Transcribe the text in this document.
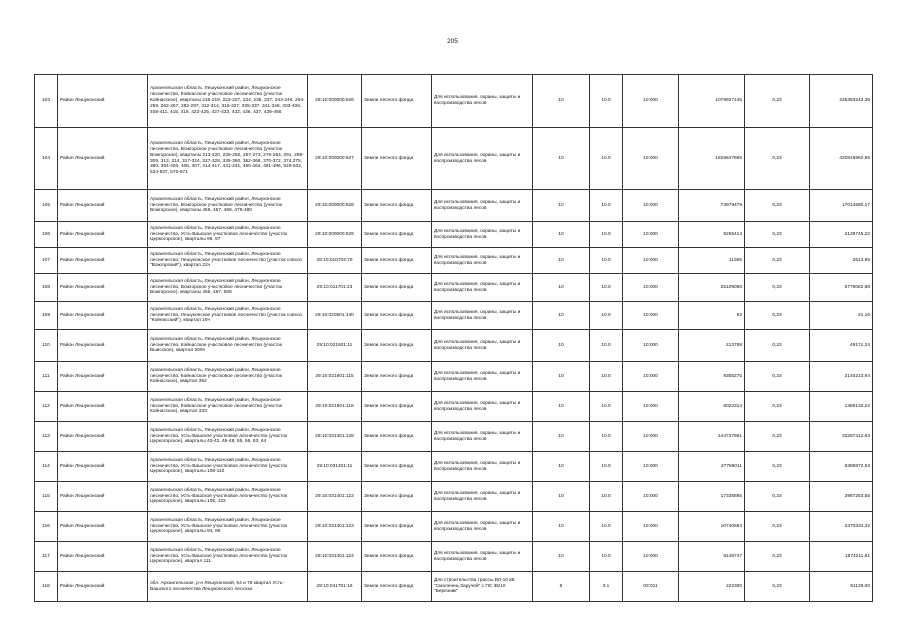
205
103	Район Лешуконский	Архангельская область, Лешуконский район, Лешуконское лесничество, Койнасское участковое лесничество (участок Койнасское), кварталы 215-218, 223-227, 234, 235, 237, 243-246, 254-259, 262-267, 282-297, 312-314, 316-327, 335-337, 341-346, 403-406, 408-411, 415, 416, 422-425, 427-433, 432, 436, 437, 439-466	29:10:000000:626	Земли лесного фонда	Для использования, охраны, защиты и воспроизводства лесов	10	10.0	10:000	1079927145	0,23	248383243,35
104	Район Лешуконский	Архангельская область, Лешуконский район, Лешуконское лесничество, Вожгорское участковое лесничество (участок Вожгорское), кварталы 213-220, 235-250, 257-273, 275-284, 291, 298-309, 313, 314, 317-324, 327-328, 335-360, 362-366, 370-372, 374,375, 380, 384-400, 406, 407, 414-417, 431-441, 460-464, 481-486, 529-532, 534-537, 570-571	29:10:000000:627	Земли лесного фонда	Для использования, охраны, защиты и воспроизводства лесов	10	10.0	10:000	1829647865	0,23	420818962,95
105	Район Лешуконский	Архангельская область, Лешуконский район, Лешуконское лесничество, Вожгорское участковое лесничество (участок Вожгорское), кварталы 456, 457, 469, 478-480	29:10:000000:628	Земли лесного фонда	Для использования, охраны, защиты и воспроизводства лесов	10	10.0	10:000	73979479	0,23	17014580,17
106	Район Лешуконский	Архангельская область, Лешуконский район, Лешуконское лесничество, Усть-Вашское участковое лесничество (участок Церкогорское), кварталы 96, 97	29:10:000000:629	Земли лесного фонда	Для использования, охраны, защиты и воспроизводства лесов	10	10.0	10:000	9255414	0,23	2128745,22
107	Район Лешуконский	Архангельская область, Лешуконский район, Лешуконское лесничество, Лешуконское участковое лесничество (участок совхоз "Вожгорский"), квартал 22ч	29:10:010704:79	Земли лесного фонда	Для использования, охраны, защиты и воспроизводства лесов	10	10.0	10:000	11365	0,23	2613,95
108	Район Лешуконский	Архангельская область, Лешуконский район, Лешуконское лесничество, Вожгорское участковое лесничество (участок Вожгорское), кварталы 465, 467, 509	29:10:011701:23	Земли лесного фонда	Для использования, охраны, защиты и воспроизводства лесов	10	10.0	10:000	25109056	0,23	5775082,88
109	Район Лешуконский	Архангельская область, Лешуконский район, Лешуконское лесничество, Лешуконское участковое лесничество (участок совхоз "Койнасский"), квартал 16ч	29:10:020501:140	Земли лесного фонда	Для использования, охраны, защиты и воспроизводства лесов	10	10.0	10:000	92	0,23	21,16
110	Район Лешуконский	Архангельская область, Лешуконский район, Лешуконское лесничество, Койнасское участковое лесничество (участок Выисское), квартал 209ч	29:10:021801:11	Земли лесного фонда	Для использования, охраны, защиты и воспроизводства лесов	10	10.0	10:000	213788	0,23	49171,24
111	Район Лешуконский	Архангельская область, Лешуконский район, Лешуконское лесничество, Койнасское участковое лесничество (участок Койнасское), квартал 352	29:10:021901:115	Земли лесного фонда	Для использования, охраны, защиты и воспроизводства лесов	10	10.0	10:000	9305275	0,23	2140213,94
112	Район Лешуконский	Архангельская область, Лешуконский район, Лешуконское лесничество, Койнасское участковое лесничество (участок Койнасское), квартал 333	29:10:021901:118	Земли лесного фонда	Для использования, охраны, защиты и воспроизводства лесов	10	10.0	10:000	6022314	0,23	1385132,22
113	Район Лешуконский	Архангельская область, Лешуконский район, Лешуконское лесничество, Усть-Вашское участковое лесничество (участок Церкогорское), кварталы 40-42, 46-48, 55, 56, 63, 64	29:10:031301:128	Земли лесного фонда	Для использования, охраны, защиты и воспроизводства лесов	10	10.0	10:000	144727881	0,23	33287412,63
114	Район Лешуконский	Архангельская область, Лешуконский район, Лешуконское лесничество, Усть-Вашское участковое лесничество (участок Церкогорское), кварталы 108-110	29:10:031401:11	Земли лесного фонда	Для использования, охраны, защиты и воспроизводства лесов	10	10.0	10:000	27769011	0,23	6386872,53
115	Район Лешуконский	Архангельская область, Лешуконский район, Лешуконское лесничество, Усть-Вашское участковое лесничество (участок Церкогорское), кварталы 105, 122	29:10:031401:122	Земли лесного фонда	Для использования, охраны, защиты и воспроизводства лесов	10	10.0	10:000	17335885	0,23	3987253,55
116	Район Лешуконский	Архангельская область, Лешуконский район, Лешуконское лесничество, Усть-Вашское участковое лесничество (участок Церкогорское), кварталы 93, 95	29:10:031401:123	Земли лесного фонда	Для использования, охраны, защиты и воспроизводства лесов	10	10.0	10:000	10740584	0,23	2470334,32
117	Район Лешуконский	Архангельская область, Лешуконский район, Лешуконское лесничество, Усть-Вашское участковое лесничество (участок Церкогорское), квартал 111	29:10:031401:124	Земли лесного фонда	Для использования, охраны, защиты и воспроизводства лесов	10	10.0	10:000	8148747	0,23	1874211,81
118	Район Лешуконский	обл. Архангельская, р-н Лешуконский, 64 и 78 квартал Усть-Вашского лесничества Лешуконского лесхоза	29:10:041701:16	Земли лесного фонда	Для строительства трассы ВЛ-10 кВ "Смоленец-Заручей" с ПС 35/10 "Березник"	6	3.1	03:011	222300	0,23	51129,00
